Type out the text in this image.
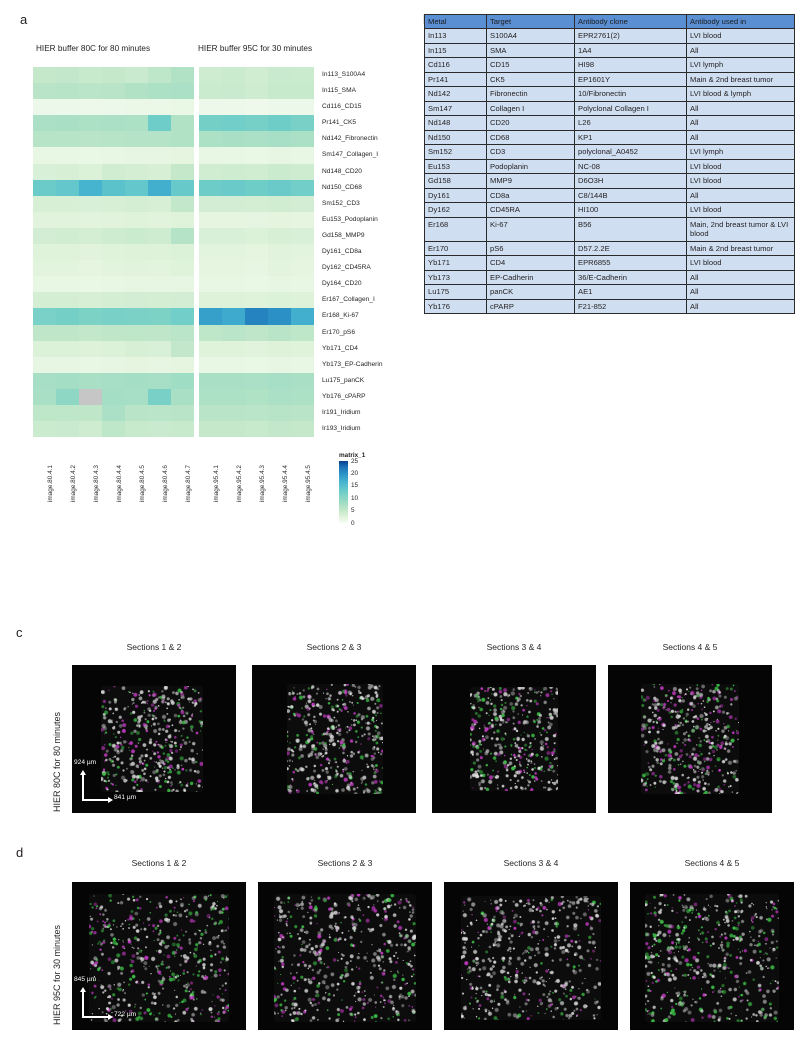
a
HIER buffer 80C for 80 minutes	HIER buffer 95C for 30 minutes
In113_S100A4
In115_SMA
Cd116_CD15
Pr141_CK5
Nd142_Fibronectin
Sm147_Collagen_I
Nd148_CD20
Nd150_CD68
Sm152_CD3
Eu153_Podoplanin
Gd158_MMP9
Dy161_CD8a
Dy162_CD45RA
Dy164_CD20
Er167_Collagen_I
Er168_Ki-67
Er170_pS6
Yb171_CD4
Yb173_EP-Cadherin
Lu175_panCK
Yb176_cPARP
Ir191_Iridium
Ir193_Iridium
image.80.4.1	image.80.4.2	image.80.4.3	image.80.4.4	image.80.4.5	image.80.4.6	image.80.4.7	image.95.4.1	image.95.4.2	image.95.4.3	image.95.4.4	image.95.4.5
matrix_1
25
20
15
10
5
0
Metal	Target	Antibody clone	Antibody used in
In113	S100A4	EPR2761(2)	LVI blood
In115	SMA	1A4	All
Cd116	CD15	HI98	LVI lymph
Pr141	CK5	EP1601Y	Main & 2nd breast tumor
Nd142	Fibronectin	10/Fibronectin	LVI blood & lymph
Sm147	Collagen I	Polyclonal Collagen I	All
Nd148	CD20	L26	All
Nd150	CD68	KP1	All
Sm152	CD3	polyclonal_A0452	LVI lymph
Eu153	Podoplanin	NC-08	LVI blood
Gd158	MMP9	D6O3H	LVI blood
Dy161	CD8a	C8/144B	All
Dy162	CD45RA	HI100	LVI blood
Er168	Ki-67	B56	Main, 2nd breast tumor & LVI blood
Er170	pS6	D57.2.2E	Main & 2nd breast tumor
Yb171	CD4	EPR6855	LVI blood
Yb173	EP-Cadherin	36/E-Cadherin	All
Lu175	panCK	AE1	All
Yb176	cPARP	F21-852	All
c
HIER 80C for 80 minutes
Sections 1 & 2
924 µm
841 µm
Sections 2 & 3	Sections 3 & 4	Sections 4 & 5
d
HIER 95C for 30 minutes
Sections 1 & 2
845 µm
722 µm
Sections 2 & 3	Sections 3 & 4	Sections 4 & 5
